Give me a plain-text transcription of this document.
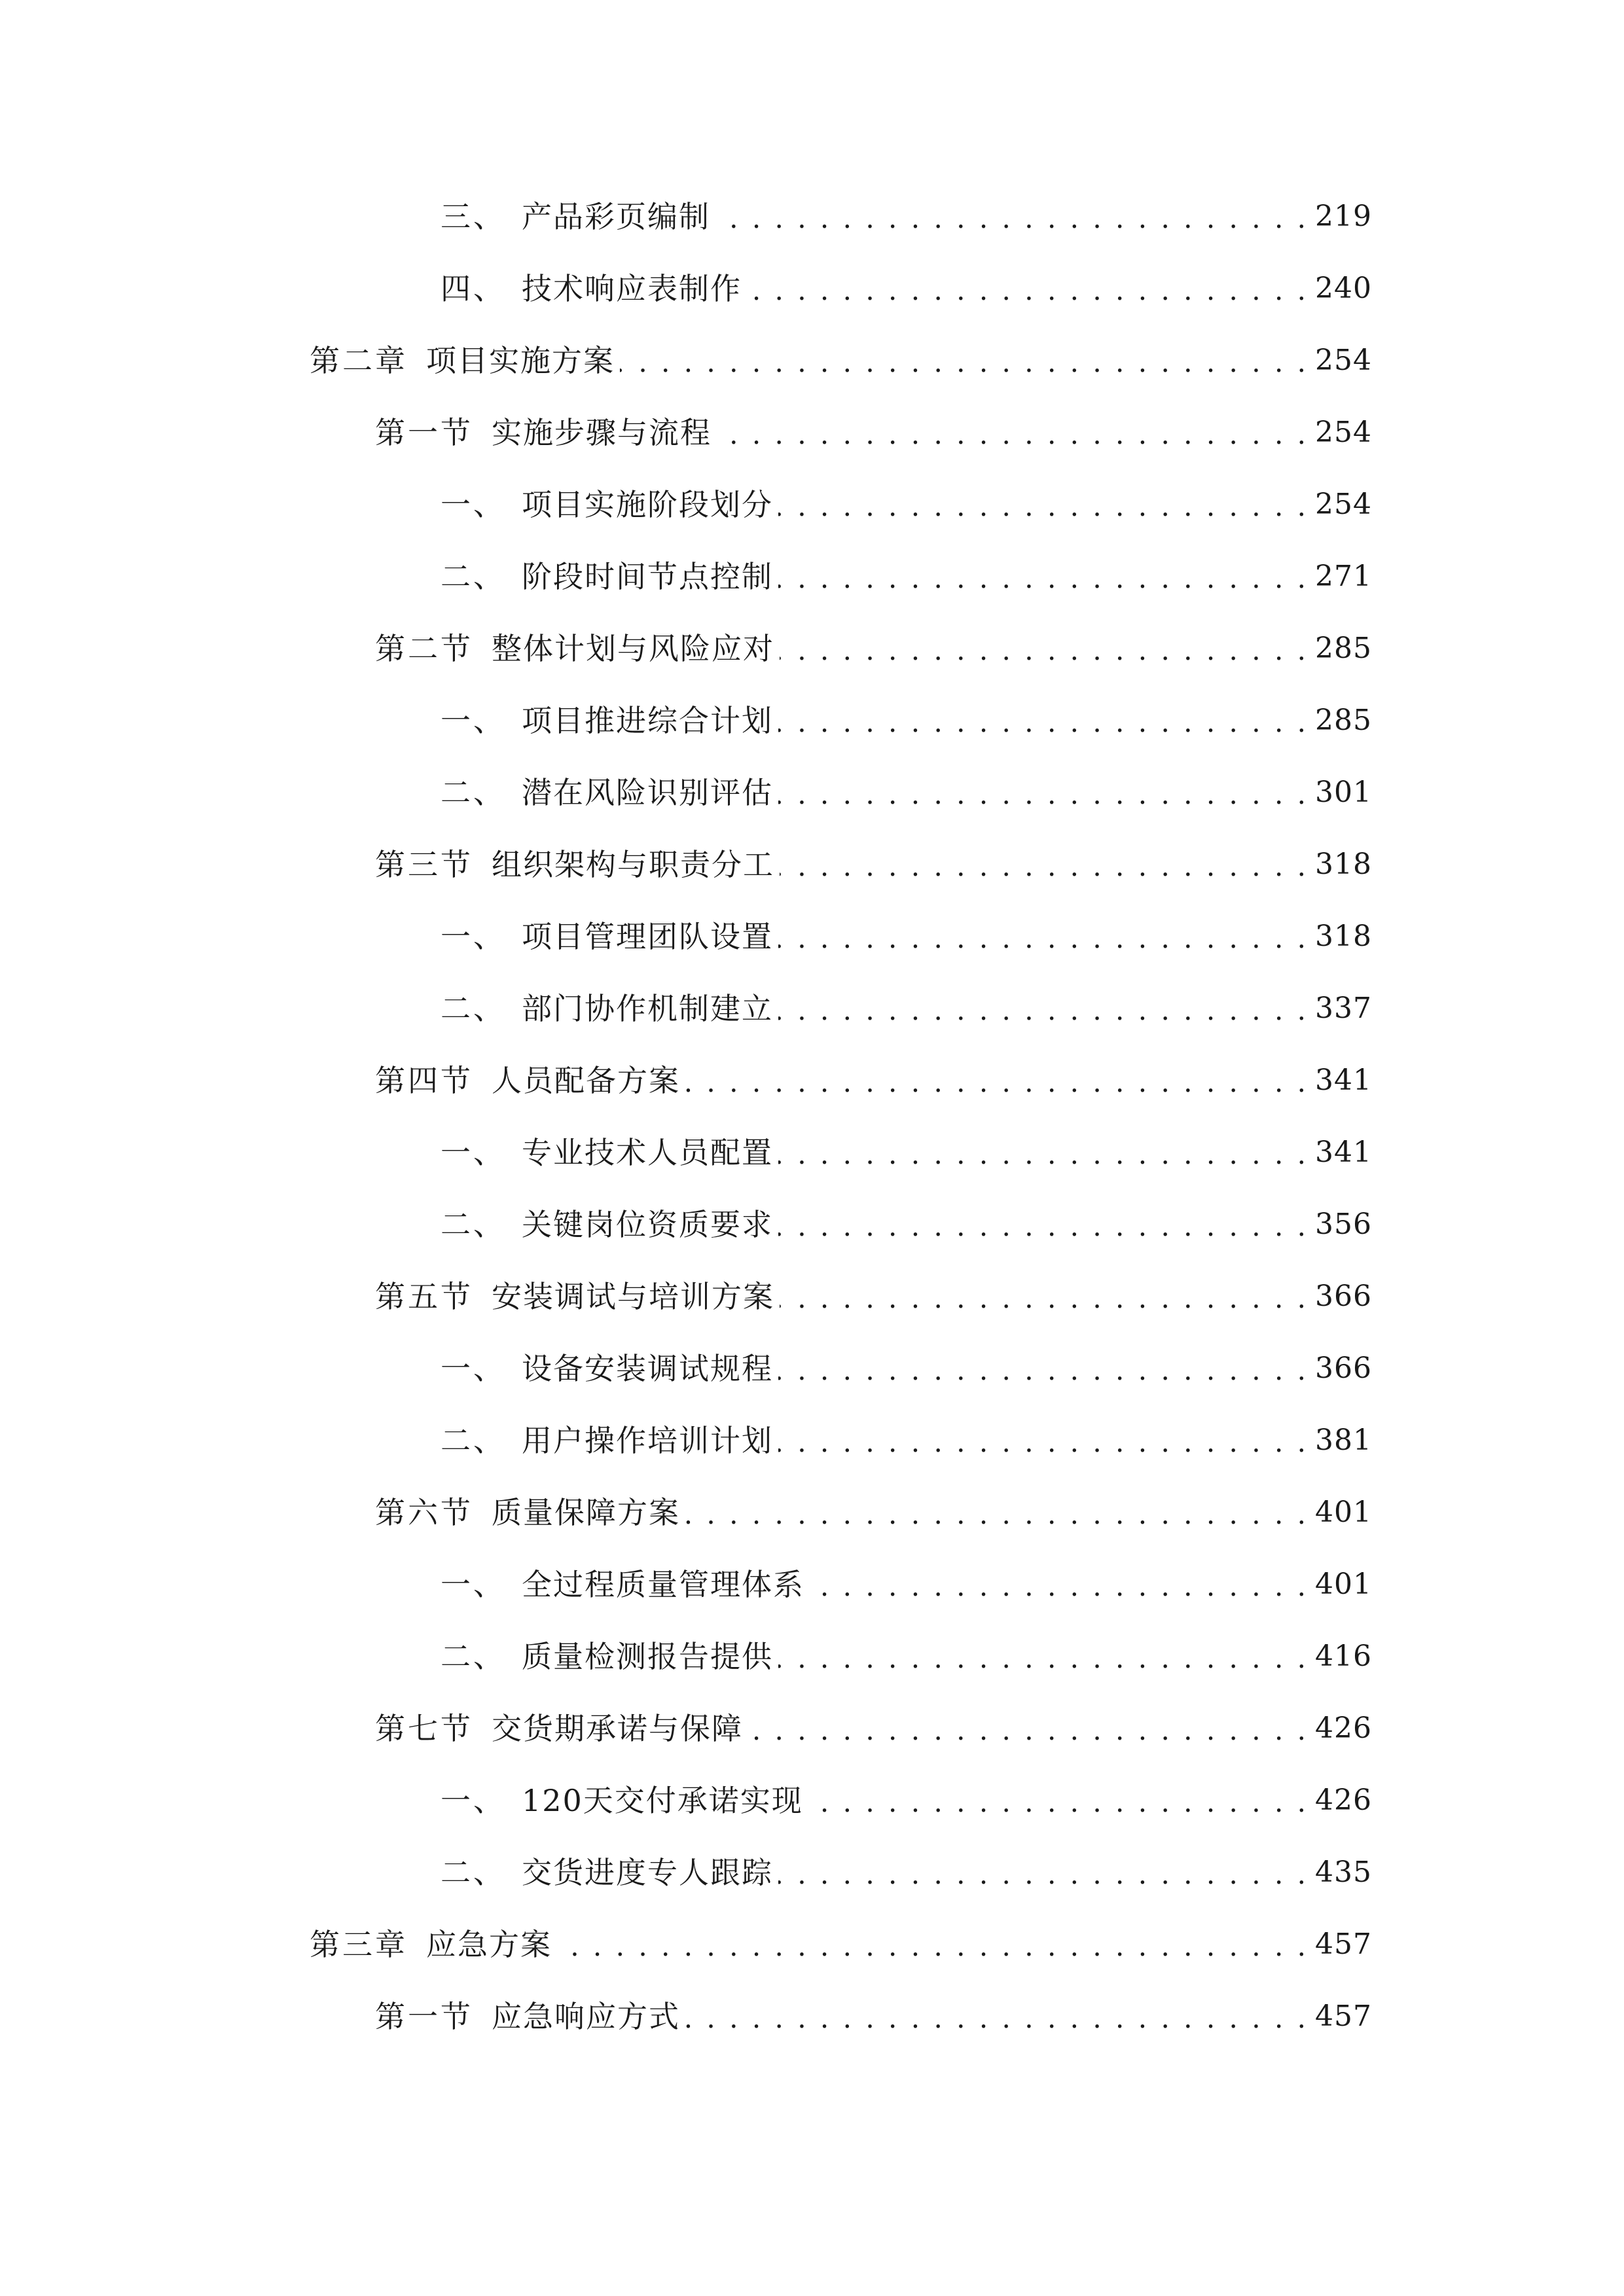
三、 产品彩页编制 . . .	219
四、 技术响应表制作 . . .	240
第二章 项目实施方案 . . .	254
第一节 实施步骤与流程 . . .	254
一、 项目实施阶段划分 . . .	254
二、 阶段时间节点控制 . . .	271
第二节 整体计划与风险应对 . . .	285
一、 项目推进综合计划 . . .	285
二、 潜在风险识别评估 . . .	301
第三节 组织架构与职责分工 . . .	318
一、 项目管理团队设置 . . .	318
二、 部门协作机制建立 . . .	337
第四节 人员配备方案 . . .	341
一、 专业技术人员配置 . . .	341
二、 关键岗位资质要求 . . .	356
第五节 安装调试与培训方案 . . .	366
一、 设备安装调试规程 . . .	366
二、 用户操作培训计划 . . .	381
第六节 质量保障方案 . . .	401
一、 全过程质量管理体系 . . .	401
二、 质量检测报告提供 . . .	416
第七节 交货期承诺与保障 . . .	426
一、 120天交付承诺实现 . . .	426
二、 交货进度专人跟踪 . . .	435
第三章 应急方案 . . .	457
第一节 应急响应方式 . . .	457
